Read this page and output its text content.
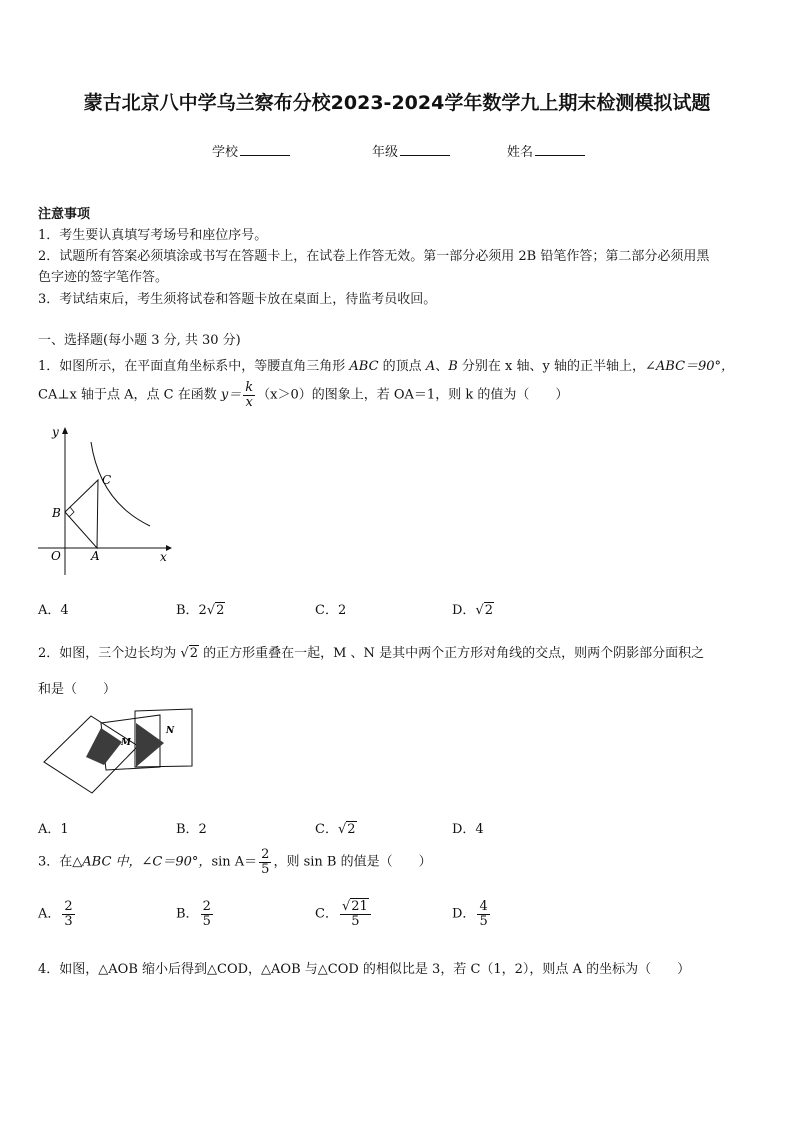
蒙古北京八中学乌兰察布分校2023-2024学年数学九上期末检测模拟试题
学校	年级	姓名
注意事项
1．考生要认真填写考场号和座位序号。
2．试题所有答案必须填涂或书写在答题卡上，在试卷上作答无效。第一部分必须用 2B 铅笔作答；第二部分必须用黑
色字迹的签字笔作答。
3．考试结束后，考生须将试卷和答题卡放在桌面上，待监考员收回。
一、选择题(每小题 3 分, 共 30 分)
1．如图所示，在平面直角坐标系中，等腰直角三角形 ABC 的顶点 A、B 分别在 x 轴、y 轴的正半轴上，∠ABC＝90°，
CA⊥x 轴于点 A，点 C 在函数 $y= \frac{k}{x} (x>0)$的图象上，若 OA＝1，则 k 的值为（　　）
y
x
C
B
O	A
A．4	B．2√2	C．2	D．√2
2．如图，三个边长均为 √2 的正方形重叠在一起，M 、N 是其中两个正方形对角线的交点，则两个阴影部分面积之
和是（　　）
M
N
A．1	B．2	C．√2	D．4
3．在△ABC 中，∠C＝90°，$\sin A= \frac{2}{5}$ ，则 sin B 的值是（　　）
A． $\frac{2}{3}$	B． $\frac{2}{5}$	C． $\frac{√21}{5}$	D． $\frac{4}{5}$
4．如图，△AOB 缩小后得到△COD，△AOB 与△COD 的相似比是 3，若 C（1，2），则点 A 的坐标为（　　）
